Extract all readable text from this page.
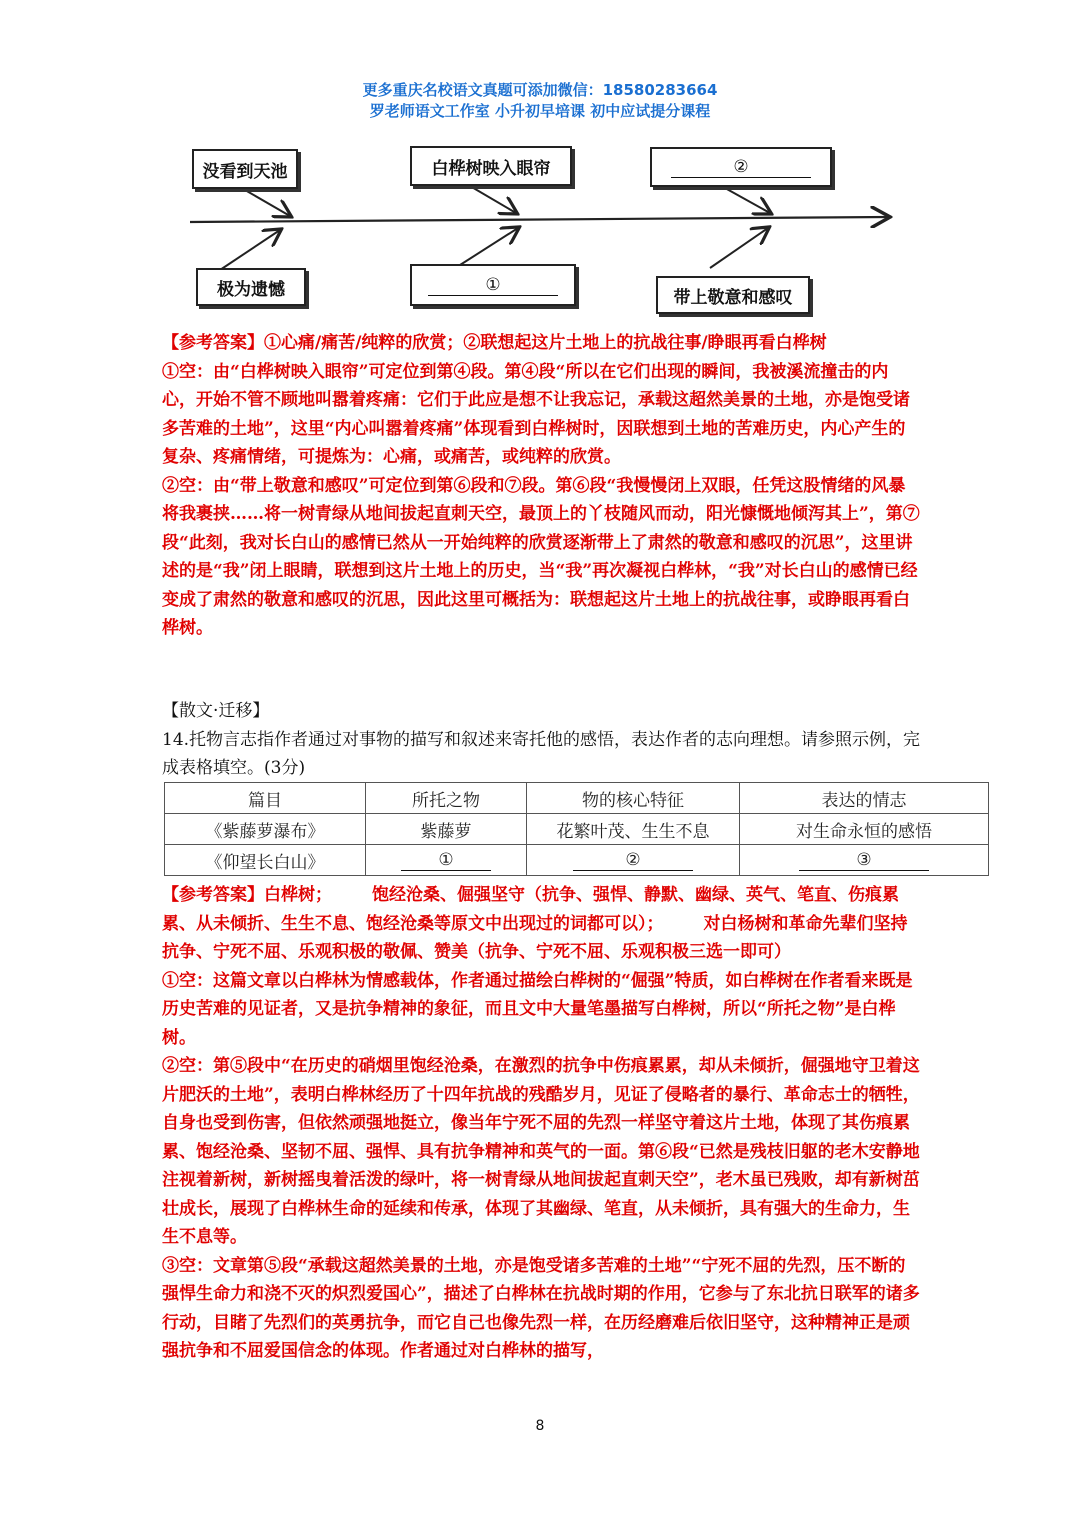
更多重庆名校语文真题可添加微信：18580283664
罗老师语文工作室 小升初早培课 初中应试提分课程
没看到天池	白桦树映入眼帘	②
极为遗憾	①
带上敬意和感叹

【参考答案】①心痛/痛苦/纯粹的欣赏；②联想起这片土地上的抗战往事/睁眼再看白桦树

①空：由“白桦树映入眼帘”可定位到第④段。第④段“所以在它们出现的瞬间，我被溪流撞击的内心，开始不管不顾地叫嚣着疼痛：它们于此应是想不让我忘记，承载这超然美景的土地，亦是饱受诸多苦难的土地”，这里“内心叫嚣着疼痛”体现看到白桦树时，因联想到土地的苦难历史，内心产生的复杂、疼痛情绪，可提炼为：心痛，或痛苦，或纯粹的欣赏。

②空：由“带上敬意和感叹”可定位到第⑥段和⑦段。第⑥段“我慢慢闭上双眼，任凭这股情绪的风暴将我裹挟……将一树青绿从地间拔起直刺天空，最顶上的丫枝随风而动，阳光慷慨地倾泻其上”，第⑦段“此刻，我对长白山的感情已然从一开始纯粹的欣赏逐渐带上了肃然的敬意和感叹的沉思”，这里讲述的是“我”闭上眼睛，联想到这片土地上的历史，当“我”再次凝视白桦林，“我”对长白山的感情已经变成了肃然的敬意和感叹的沉思，因此这里可概括为：联想起这片土地上的抗战往事，或睁眼再看白桦树。

【散文·迁移】

14.托物言志指作者通过对事物的描写和叙述来寄托他的感悟，表达作者的志向理想。请参照示例，完成表格填空。(3分)

篇目	所托之物	物的核心特征	表达的情志
《紫藤萝瀑布》	紫藤萝	花繁叶茂、生生不息	对生命永恒的感悟
《仰望长白山》	①	②	③

【参考答案】白桦树； 饱经沧桑、倔强坚守（抗争、强悍、静默、幽绿、英气、笔直、伤痕累累、从未倾折、生生不息、饱经沧桑等原文中出现过的词都可以）； 对白杨树和革命先辈们坚持抗争、宁死不屈、乐观积极的敬佩、赞美（抗争、宁死不屈、乐观积极三选一即可）

①空：这篇文章以白桦林为情感载体，作者通过描绘白桦树的“倔强”特质，如白桦树在作者看来既是历史苦难的见证者，又是抗争精神的象征，而且文中大量笔墨描写白桦树，所以“所托之物”是白桦树。

②空：第⑤段中“在历史的硝烟里饱经沧桑，在激烈的抗争中伤痕累累，却从未倾折，倔强地守卫着这片肥沃的土地”，表明白桦林经历了十四年抗战的残酷岁月，见证了侵略者的暴行、革命志士的牺牲，自身也受到伤害，但依然顽强地挺立，像当年宁死不屈的先烈一样坚守着这片土地，体现了其伤痕累累、饱经沧桑、坚韧不屈、强悍、具有抗争精神和英气的一面。第⑥段“已然是残枝旧躯的老木安静地注视着新树，新树摇曳着活泼的绿叶，将一树青绿从地间拔起直刺天空”，老木虽已残败，却有新树茁壮成长，展现了白桦林生命的延续和传承，体现了其幽绿、笔直，从未倾折，具有强大的生命力，生生不息等。

③空：文章第⑤段“承载这超然美景的土地，亦是饱受诸多苦难的土地”“宁死不屈的先烈，压不断的强悍生命力和浇不灭的炽烈爱国心”，描述了白桦林在抗战时期的作用，它参与了东北抗日联军的诸多行动，目睹了先烈们的英勇抗争，而它自己也像先烈一样，在历经磨难后依旧坚守，这种精神正是顽强抗争和不屈爱国信念的体现。作者通过对白桦林的描写，

8
